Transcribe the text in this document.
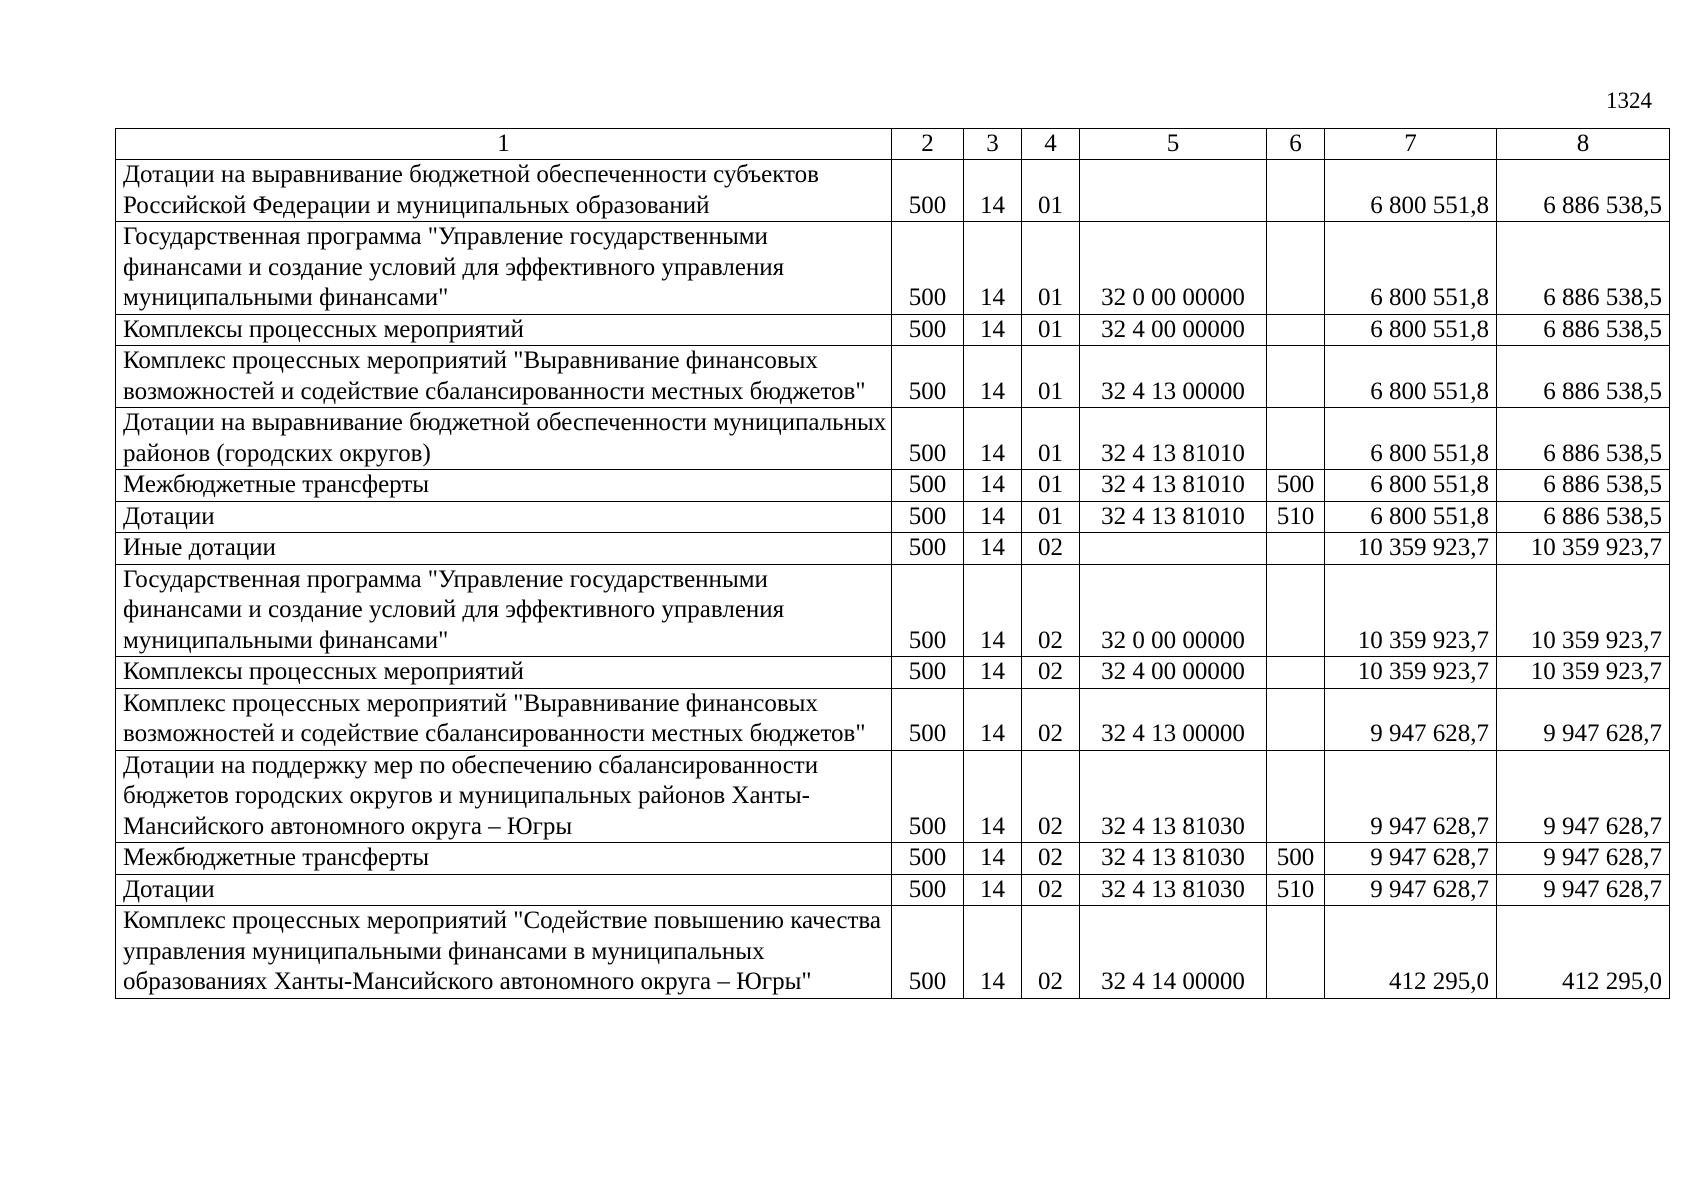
1324
1	2	3	4	5	6	7	8
Дотации на выравнивание бюджетной обеспеченности субъектов Российской Федерации и муниципальных образований	500	14	01			6 800 551,8	6 886 538,5
Государственная программа "Управление государственными финансами и создание условий для эффективного управления муниципальными финансами"	500	14	01	32 0 00 00000		6 800 551,8	6 886 538,5
Комплексы процессных мероприятий	500	14	01	32 4 00 00000		6 800 551,8	6 886 538,5
Комплекс процессных мероприятий "Выравнивание финансовых возможностей и содействие сбалансированности местных бюджетов"	500	14	01	32 4 13 00000		6 800 551,8	6 886 538,5
Дотации на выравнивание бюджетной обеспеченности муниципальных районов (городских округов)	500	14	01	32 4 13 81010		6 800 551,8	6 886 538,5
Межбюджетные трансферты	500	14	01	32 4 13 81010	500	6 800 551,8	6 886 538,5
Дотации	500	14	01	32 4 13 81010	510	6 800 551,8	6 886 538,5
Иные дотации	500	14	02			10 359 923,7	10 359 923,7
Государственная программа "Управление государственными финансами и создание условий для эффективного управления муниципальными финансами"	500	14	02	32 0 00 00000		10 359 923,7	10 359 923,7
Комплексы процессных мероприятий	500	14	02	32 4 00 00000		10 359 923,7	10 359 923,7
Комплекс процессных мероприятий "Выравнивание финансовых возможностей и содействие сбалансированности местных бюджетов"	500	14	02	32 4 13 00000		9 947 628,7	9 947 628,7
Дотации на поддержку мер по обеспечению сбалансированности бюджетов городских округов и муниципальных районов Ханты-Мансийского автономного округа – Югры	500	14	02	32 4 13 81030		9 947 628,7	9 947 628,7
Межбюджетные трансферты	500	14	02	32 4 13 81030	500	9 947 628,7	9 947 628,7
Дотации	500	14	02	32 4 13 81030	510	9 947 628,7	9 947 628,7
Комплекс процессных мероприятий "Содействие повышению качества управления муниципальными финансами в муниципальных образованиях Ханты-Мансийского автономного округа – Югры"	500	14	02	32 4 14 00000		412 295,0	412 295,0
